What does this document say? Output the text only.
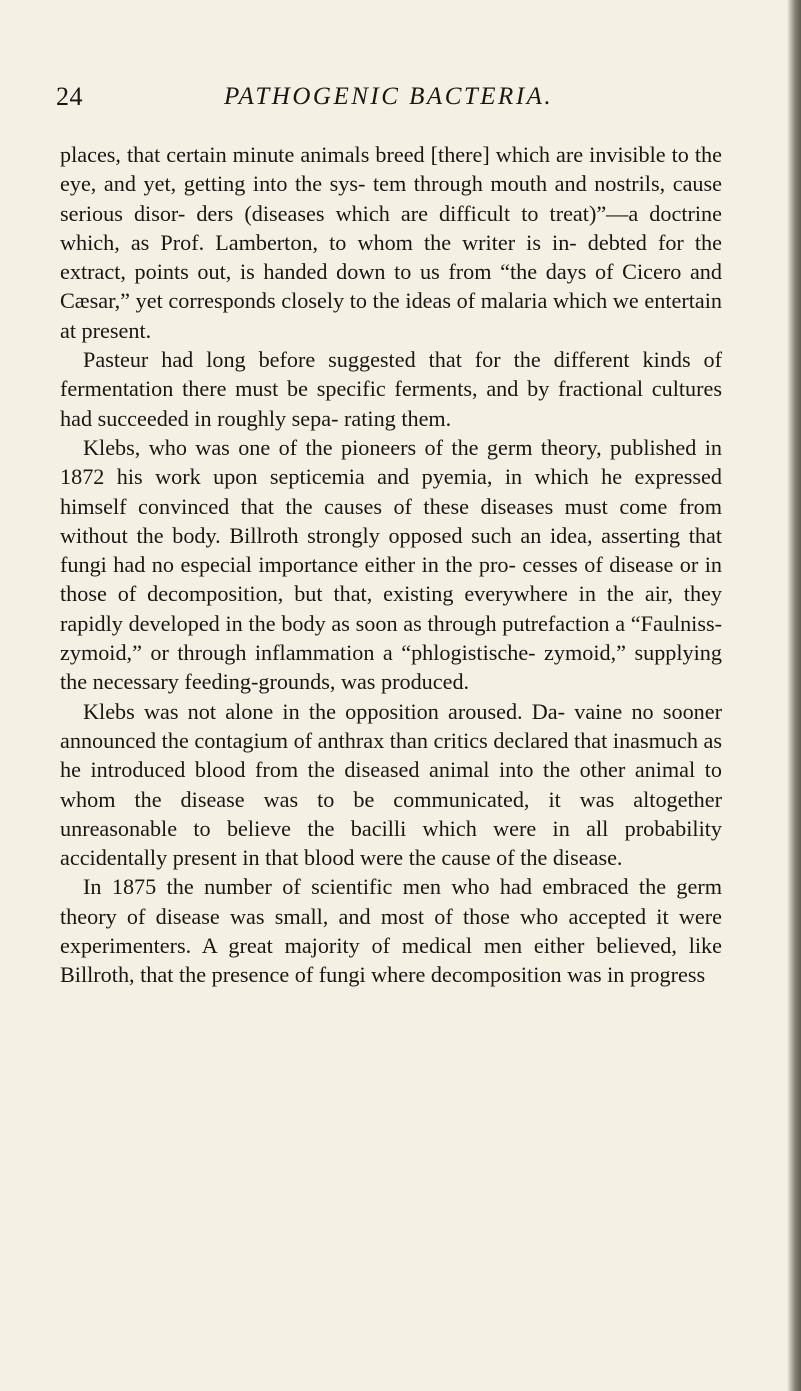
24	PATHOGENIC BACTERIA.

places, that certain minute animals breed [there] which are invisible to the eye, and yet, getting into the sys- tem through mouth and nostrils, cause serious disor- ders (diseases which are difficult to treat)”—a doctrine which, as Prof. Lamberton, to whom the writer is in- debted for the extract, points out, is handed down to us from “the days of Cicero and Cæsar,” yet corresponds closely to the ideas of malaria which we entertain at present.

Pasteur had long before suggested that for the different kinds of fermentation there must be specific ferments, and by fractional cultures had succeeded in roughly sepa- rating them.

Klebs, who was one of the pioneers of the germ theory, published in 1872 his work upon septicemia and pyemia, in which he expressed himself convinced that the causes of these diseases must come from without the body. Billroth strongly opposed such an idea, asserting that fungi had no especial importance either in the pro- cesses of disease or in those of decomposition, but that, existing everywhere in the air, they rapidly developed in the body as soon as through putrefaction a “Faulniss- zymoid,” or through inflammation a “phlogistische- zymoid,” supplying the necessary feeding-grounds, was produced.

Klebs was not alone in the opposition aroused. Da- vaine no sooner announced the contagium of anthrax than critics declared that inasmuch as he introduced blood from the diseased animal into the other animal to whom the disease was to be communicated, it was altogether unreasonable to believe the bacilli which were in all probability accidentally present in that blood were the cause of the disease.

In 1875 the number of scientific men who had embraced the germ theory of disease was small, and most of those who accepted it were experimenters. A great majority of medical men either believed, like Billroth, that the presence of fungi where decomposition was in progress
